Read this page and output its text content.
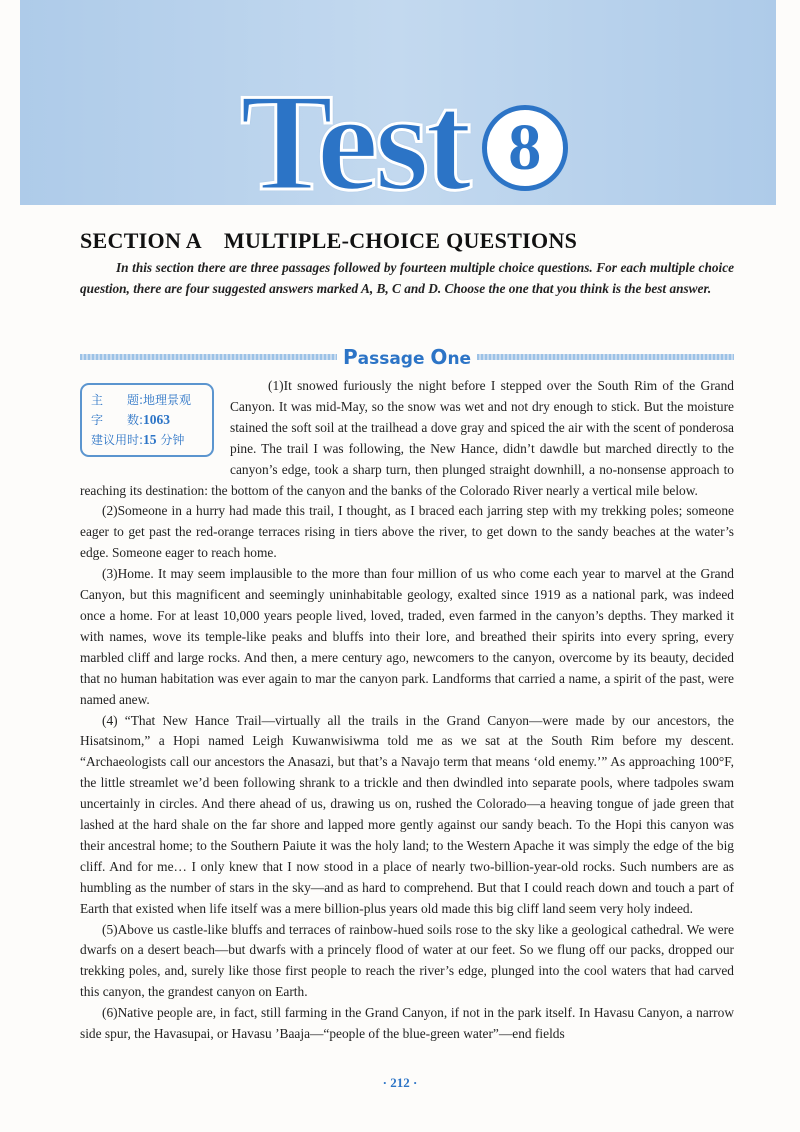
Test 8
SECTION A    MULTIPLE-CHOICE QUESTIONS
In this section there are three passages followed by fourteen multiple choice questions. For each multiple choice question, there are four suggested answers marked A, B, C and D. Choose the one that you think is the best answer.
Passage One
主　　题:地理景观
字　　数:1063
建议用时:15 分钟

(1)It snowed furiously the night before I stepped over the South Rim of the Grand Canyon. It was mid-May, so the snow was wet and not dry enough to stick. But the moisture stained the soft soil at the trailhead a dove gray and spiced the air with the scent of ponderosa pine. The trail I was following, the New Hance, didn’t dawdle but marched directly to the canyon’s edge, took a sharp turn, then plunged straight downhill, a no-nonsense approach to reaching its destination: the bottom of the canyon and the banks of the Colorado River nearly a vertical mile below.

(2)Someone in a hurry had made this trail, I thought, as I braced each jarring step with my trekking poles; someone eager to get past the red-orange terraces rising in tiers above the river, to get down to the sandy beaches at the water’s edge. Someone eager to reach home.

(3)Home. It may seem implausible to the more than four million of us who come each year to marvel at the Grand Canyon, but this magnificent and seemingly uninhabitable geology, exalted since 1919 as a national park, was indeed once a home. For at least 10,000 years people lived, loved, traded, even farmed in the canyon’s depths. They marked it with names, wove its temple-like peaks and bluffs into their lore, and breathed their spirits into every spring, every marbled cliff and large rocks. And then, a mere century ago, newcomers to the canyon, overcome by its beauty, decided that no human habitation was ever again to mar the canyon park. Landforms that carried a name, a spirit of the past, were named anew.

(4) “That New Hance Trail—virtually all the trails in the Grand Canyon—were made by our ancestors, the Hisatsinom,” a Hopi named Leigh Kuwanwisiwma told me as we sat at the South Rim before my descent. “Archaeologists call our ancestors the Anasazi, but that’s a Navajo term that means ‘old enemy.’” As approaching 100°F, the little streamlet we’d been following shrank to a trickle and then dwindled into separate pools, where tadpoles swam uncertainly in circles. And there ahead of us, drawing us on, rushed the Colorado—a heaving tongue of jade green that lashed at the hard shale on the far shore and lapped more gently against our sandy beach. To the Hopi this canyon was their ancestral home; to the Southern Paiute it was the holy land; to the Western Apache it was simply the edge of the big cliff. And for me… I only knew that I now stood in a place of nearly two-billion-year-old rocks. Such numbers are as humbling as the number of stars in the sky—and as hard to comprehend. But that I could reach down and touch a part of Earth that existed when life itself was a mere billion-plus years old made this big cliff land seem very holy indeed.

(5)Above us castle-like bluffs and terraces of rainbow-hued soils rose to the sky like a geological cathedral. We were dwarfs on a desert beach—but dwarfs with a princely flood of water at our feet. So we flung off our packs, dropped our trekking poles, and, surely like those first people to reach the river’s edge, plunged into the cool waters that had carved this canyon, the grandest canyon on Earth.

(6)Native people are, in fact, still farming in the Grand Canyon, if not in the park itself. In Havasu Canyon, a narrow side spur, the Havasupai, or Havasu ’Baaja—“people of the blue-green water”—end fields

· 212 ·
